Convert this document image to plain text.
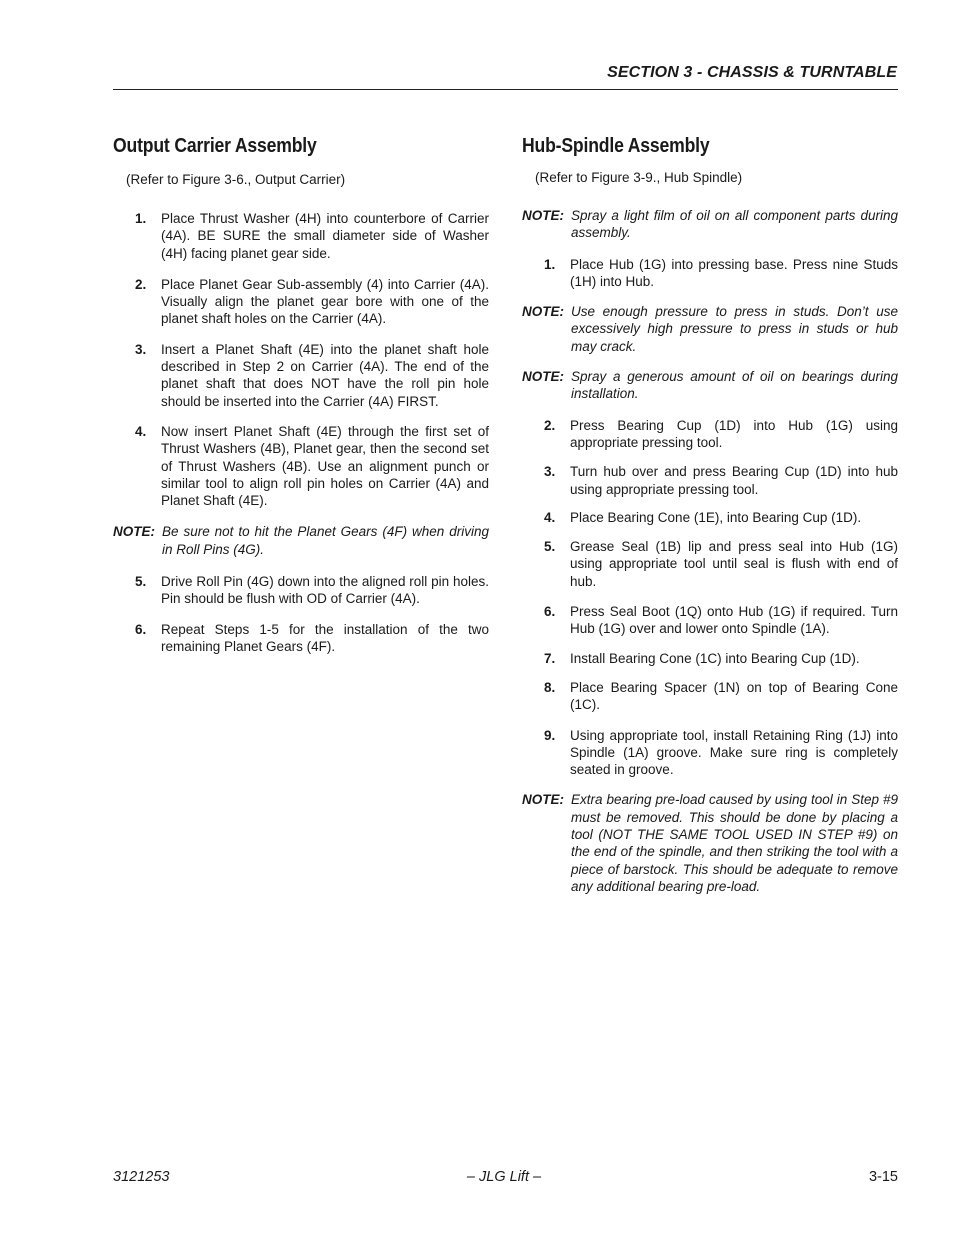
SECTION 3 - CHASSIS & TURNTABLE
Output Carrier Assembly
(Refer to Figure 3-6., Output Carrier)
1.	Place Thrust Washer (4H) into counterbore of Carrier (4A). BE SURE the small diameter side of Washer (4H) facing planet gear side.
2.	Place Planet Gear Sub-assembly (4) into Carrier (4A). Visually align the planet gear bore with one of the planet shaft holes on the Carrier (4A).
3.	Insert a Planet Shaft (4E) into the planet shaft hole described in Step 2 on Carrier (4A). The end of the planet shaft that does NOT have the roll pin hole should be inserted into the Carrier (4A) FIRST.
4.	Now insert Planet Shaft (4E) through the first set of Thrust Washers (4B), Planet gear, then the second set of Thrust Washers (4B). Use an alignment punch or similar tool to align roll pin holes on Carrier (4A) and Planet Shaft (4E).
NOTE: Be sure not to hit the Planet Gears (4F) when driving in Roll Pins (4G).
5.	Drive Roll Pin (4G) down into the aligned roll pin holes. Pin should be flush with OD of Carrier (4A).
6.	Repeat Steps 1-5 for the installation of the two remaining Planet Gears (4F).
Hub-Spindle Assembly
(Refer to Figure 3-9., Hub Spindle)
NOTE: Spray a light film of oil on all component parts during assembly.
1.	Place Hub (1G) into pressing base. Press nine Studs (1H) into Hub.
NOTE: Use enough pressure to press in studs. Don’t use excessively high pressure to press in studs or hub may crack.
NOTE: Spray a generous amount of oil on bearings during installation.
2.	Press Bearing Cup (1D) into Hub (1G) using appropriate pressing tool.
3.	Turn hub over and press Bearing Cup (1D) into hub using appropriate pressing tool.
4.	Place Bearing Cone (1E), into Bearing Cup (1D).
5.	Grease Seal (1B) lip and press seal into Hub (1G) using appropriate tool until seal is flush with end of hub.
6.	Press Seal Boot (1Q) onto Hub (1G) if required. Turn Hub (1G) over and lower onto Spindle (1A).
7.	Install Bearing Cone (1C) into Bearing Cup (1D).
8.	Place Bearing Spacer (1N) on top of Bearing Cone (1C).
9.	Using appropriate tool, install Retaining Ring (1J) into Spindle (1A) groove. Make sure ring is completely seated in groove.
NOTE: Extra bearing pre-load caused by using tool in Step #9 must be removed. This should be done by placing a tool (NOT THE SAME TOOL USED IN STEP #9) on the end of the spindle, and then striking the tool with a piece of barstock. This should be adequate to remove any additional bearing pre-load.
3121253	– JLG Lift –	3-15
